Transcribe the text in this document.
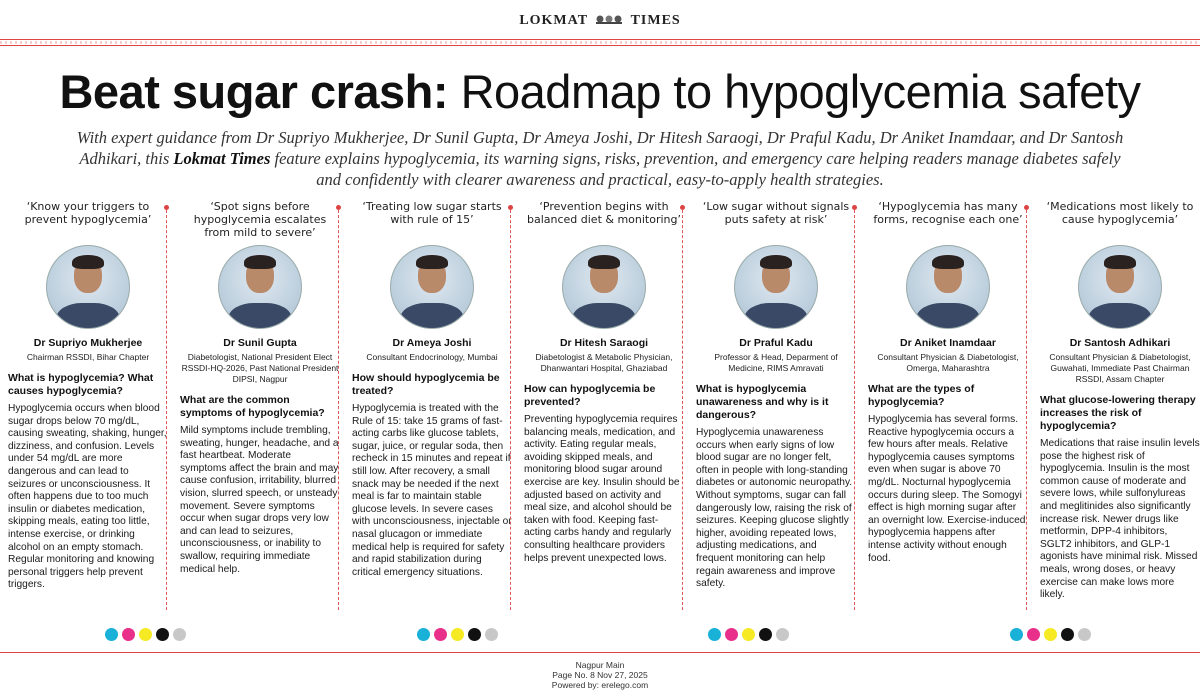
LOKMAT	TIMES
Beat sugar crash: Roadmap to hypoglycemia safety
With expert guidance from Dr Supriyo Mukherjee, Dr Sunil Gupta, Dr Ameya Joshi, Dr Hitesh Saraogi, Dr Praful Kadu, Dr Aniket Inamdaar, and Dr Santosh Adhikari, this Lokmat Times feature explains hypoglycemia, its warning signs, risks, prevention, and emergency care helping readers manage diabetes safely and confidently with clearer awareness and practical, easy-to-apply health strategies.
‘Know your triggers to prevent hypoglycemia’
Dr Supriyo Mukherjee
Chairman RSSDI, Bihar Chapter
What is hypoglycemia? What causes hypoglycemia?
Hypoglycemia occurs when blood sugar drops below 70 mg/dL, causing sweating, shaking, hunger, dizziness, and confusion. Levels under 54 mg/dL are more dangerous and can lead to seizures or unconsciousness. It often happens due to too much insulin or diabetes medication, skipping meals, eating too little, intense exercise, or drinking alcohol on an empty stomach. Regular monitoring and knowing personal triggers help prevent triggers.
‘Spot signs before hypoglycemia escalates from mild to severe’
Dr Sunil Gupta
Diabetologist, National President Elect RSSDI-HQ-2026, Past National President DIPSI, Nagpur
What are the common symptoms of hypoglycemia?
Mild symptoms include trembling, sweating, hunger, headache, and a fast heartbeat. Moderate symptoms affect the brain and may cause confusion, irritability, blurred vision, slurred speech, or unsteady movement. Severe symptoms occur when sugar drops very low and can lead to seizures, unconsciousness, or inability to swallow, requiring immediate medical help.
‘Treating low sugar starts with rule of 15’
Dr Ameya Joshi
Consultant Endocrinology, Mumbai
How should hypoglycemia be treated?
Hypoglycemia is treated with the Rule of 15: take 15 grams of fast-acting carbs like glucose tablets, sugar, juice, or regular soda, then recheck in 15 minutes and repeat if still low. After recovery, a small snack may be needed if the next meal is far to maintain stable glucose levels. In severe cases with unconsciousness, injectable or nasal glucagon or immediate medical help is required for safety and rapid stabilization during critical emergency situations.
‘Prevention begins with balanced diet & monitoring’
Dr Hitesh Saraogi
Diabetologist & Metabolic Physician, Dhanwantari Hospital, Ghaziabad
How can hypoglycemia be prevented?
Preventing hypoglycemia requires balancing meals, medication, and activity. Eating regular meals, avoiding skipped meals, and monitoring blood sugar around exercise are key. Insulin should be adjusted based on activity and meal size, and alcohol should be taken with food. Keeping fast-acting carbs handy and regularly consulting healthcare providers helps prevent unexpected lows.
‘Low sugar without signals puts safety at risk’
Dr Praful Kadu
Professor & Head, Deparment of Medicine, RIMS Amravati
What is hypoglycemia unawareness and why is it dangerous?
Hypoglycemia unawareness occurs when early signs of low blood sugar are no longer felt, often in people with long-standing diabetes or autonomic neuropathy. Without symptoms, sugar can fall dangerously low, raising the risk of seizures. Keeping glucose slightly higher, avoiding repeated lows, adjusting medications, and frequent monitoring can help regain awareness and improve safety.
‘Hypoglycemia has many forms, recognise each one’
Dr Aniket Inamdaar
Consultant Physician & Diabetologist, Omerga, Maharashtra
What are the types of hypoglycemia?
Hypoglycemia has several forms. Reactive hypoglycemia occurs a few hours after meals. Relative hypoglycemia causes symptoms even when sugar is above 70 mg/dL. Nocturnal hypoglycemia occurs during sleep. The Somogyi effect is high morning sugar after an overnight low. Exercise-induced hypoglycemia happens after intense activity without enough food.
‘Medications most likely to cause hypoglycemia’
Dr Santosh Adhikari
Consultant Physician & Diabetologist, Guwahati, Immediate Past Chairman RSSDI, Assam Chapter
What glucose-lowering therapy increases the risk of hypoglycemia?
Medications that raise insulin levels pose the highest risk of hypoglycemia. Insulin is the most common cause of moderate and severe lows, while sulfonylureas and meglitinides also significantly increase risk. Newer drugs like metformin, DPP-4 inhibitors, SGLT2 inhibitors, and GLP-1 agonists have minimal risk. Missed meals, wrong doses, or heavy exercise can make lows more likely.
Nagpur Main
Page No. 8 Nov 27, 2025
Powered by: erelego.com
